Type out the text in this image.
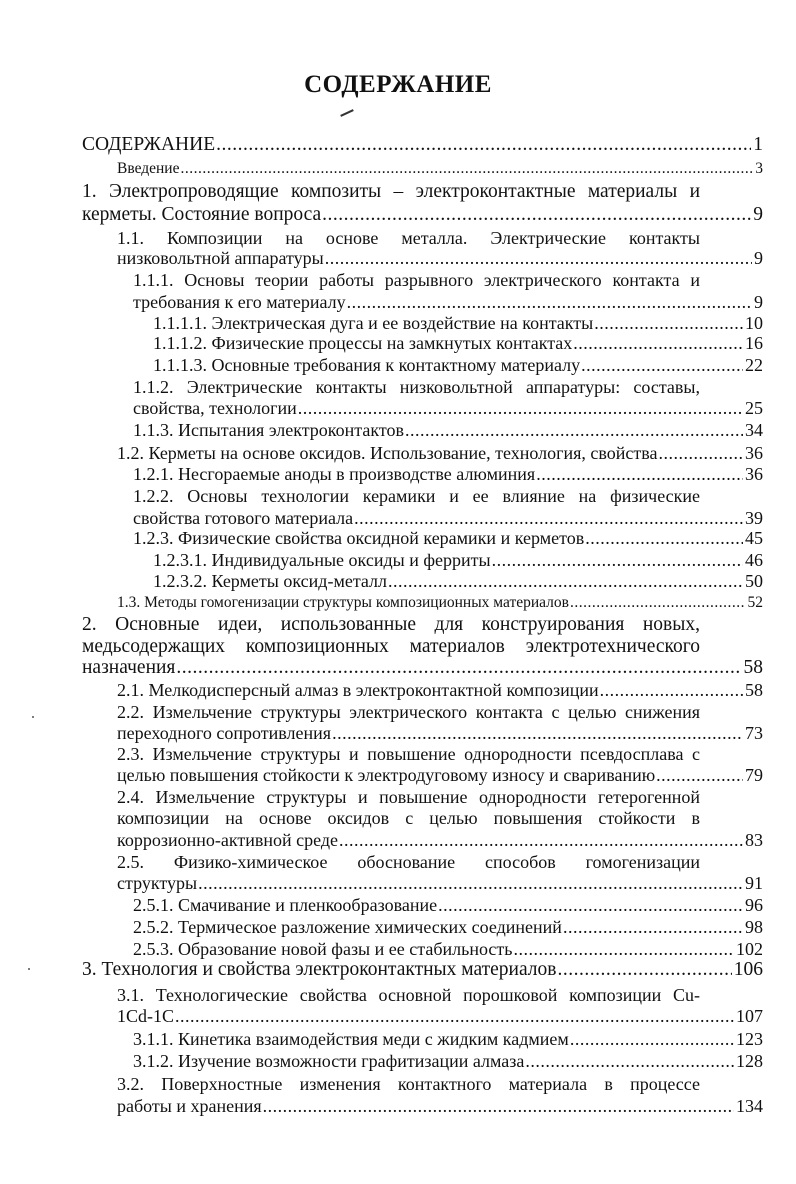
СОДЕРЖАНИЕ
СОДЕРЖАНИЕ .....	1
Введение .....	3
1. Электропроводящие композиты – электроконтактные материалы и
керметы. Состояние вопроса .....	9
1.1. Композиции на основе металла. Электрические контакты
низковольтной аппаратуры .....	9
1.1.1. Основы теории работы разрывного электрического контакта и
требования к его материалу .....	9
1.1.1.1. Электрическая дуга и ее воздействие на контакты .....	10
1.1.1.2. Физические процессы на замкнутых контактах .....	16
1.1.1.3. Основные требования к контактному материалу .....	22
1.1.2. Электрические контакты низковольтной аппаратуры: составы,
свойства, технологии .....	25
1.1.3. Испытания электроконтактов .....	34
1.2. Керметы на основе оксидов. Использование, технология, свойства .....	36
1.2.1. Несгораемые аноды в производстве алюминия .....	36
1.2.2. Основы технологии керамики и ее влияние на физические
свойства готового материала .....	39
1.2.3. Физические свойства оксидной керамики и керметов .....	45
1.2.3.1. Индивидуальные оксиды и ферриты .....	46
1.2.3.2. Керметы оксид-металл .....	50
1.3. Методы гомогенизации структуры композиционных материалов .....	52
2. Основные идеи, использованные для конструирования новых,
медьсодержащих композиционных материалов электротехнического
назначения .....	58
2.1. Мелкодисперсный алмаз в электроконтактной композиции .....	58
2.2. Измельчение структуры электрического контакта с целью снижения
переходного сопротивления .....	73
2.3. Измельчение структуры и повышение однородности псевдосплава с
целью повышения стойкости к электродуговому износу и свариванию .....	79
2.4. Измельчение структуры и повышение однородности гетерогенной
композиции на основе оксидов с целью повышения стойкости в
коррозионно-активной среде .....	83
2.5. Физико-химическое обоснование способов гомогенизации
структуры .....	91
2.5.1. Смачивание и пленкообразование .....	96
2.5.2. Термическое разложение химических соединений .....	98
2.5.3. Образование новой фазы и ее стабильность .....	102
3. Технология и свойства электроконтактных материалов .....	106
3.1. Технологические свойства основной порошковой композиции Cu-
1Cd-1C .....	107
3.1.1. Кинетика взаимодействия меди с жидким кадмием .....	123
3.1.2. Изучение возможности графитизации алмаза .....	128
3.2. Поверхностные изменения контактного материала в процессе
работы и хранения .....	134
